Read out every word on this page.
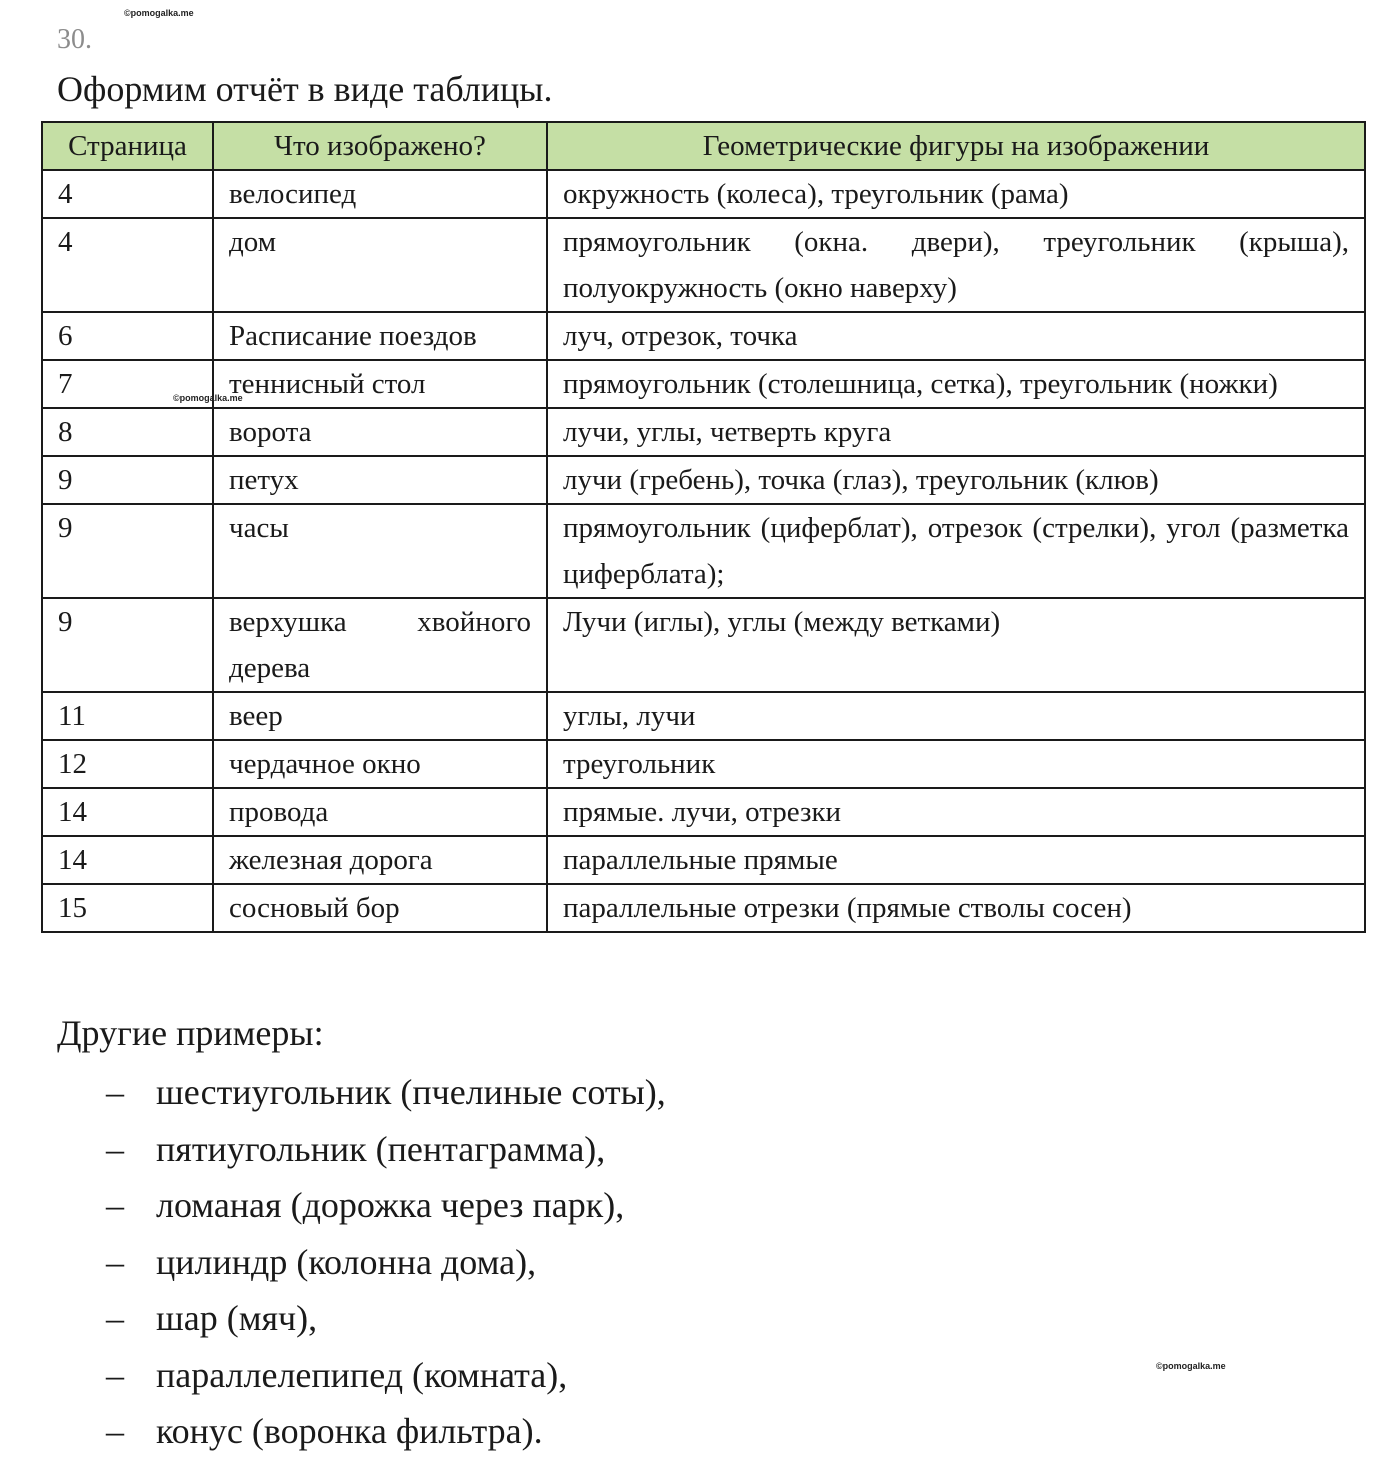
©pomogalka.me
30.
Оформим отчёт в виде таблицы.
Страница	Что изображено?	Геометрические фигуры на изображении
4	велосипед	окружность (колеса), треугольник (рама)
4	дом	прямоугольник (окна. двери), треугольник (крыша), полуокружность (окно наверху)
6	Расписание поездов	луч, отрезок, точка
7	теннисный стол	прямоугольник (столешница, сетка), треугольник (ножки)
8	ворота	лучи, углы, четверть круга
9	петух	лучи (гребень), точка (глаз), треугольник (клюв)
9	часы	прямоугольник (циферблат), отрезок (стрелки), угол (разметка циферблата);
9	верхушка хвойного дерева	Лучи (иглы), углы (между ветками)
11	веер	углы, лучи
12	чердачное окно	треугольник
14	провода	прямые. лучи, отрезки
14	железная дорога	параллельные прямые
15	сосновый бор	параллельные отрезки (прямые стволы сосен)
©pomogalka.me
Другие примеры:
– шестиугольник (пчелиные соты),
– пятиугольник (пентаграмма),
– ломаная (дорожка через парк),
– цилиндр (колонна дома),
– шар (мяч),
– параллелепипед (комната),
– конус (воронка фильтра).
©pomogalka.me
